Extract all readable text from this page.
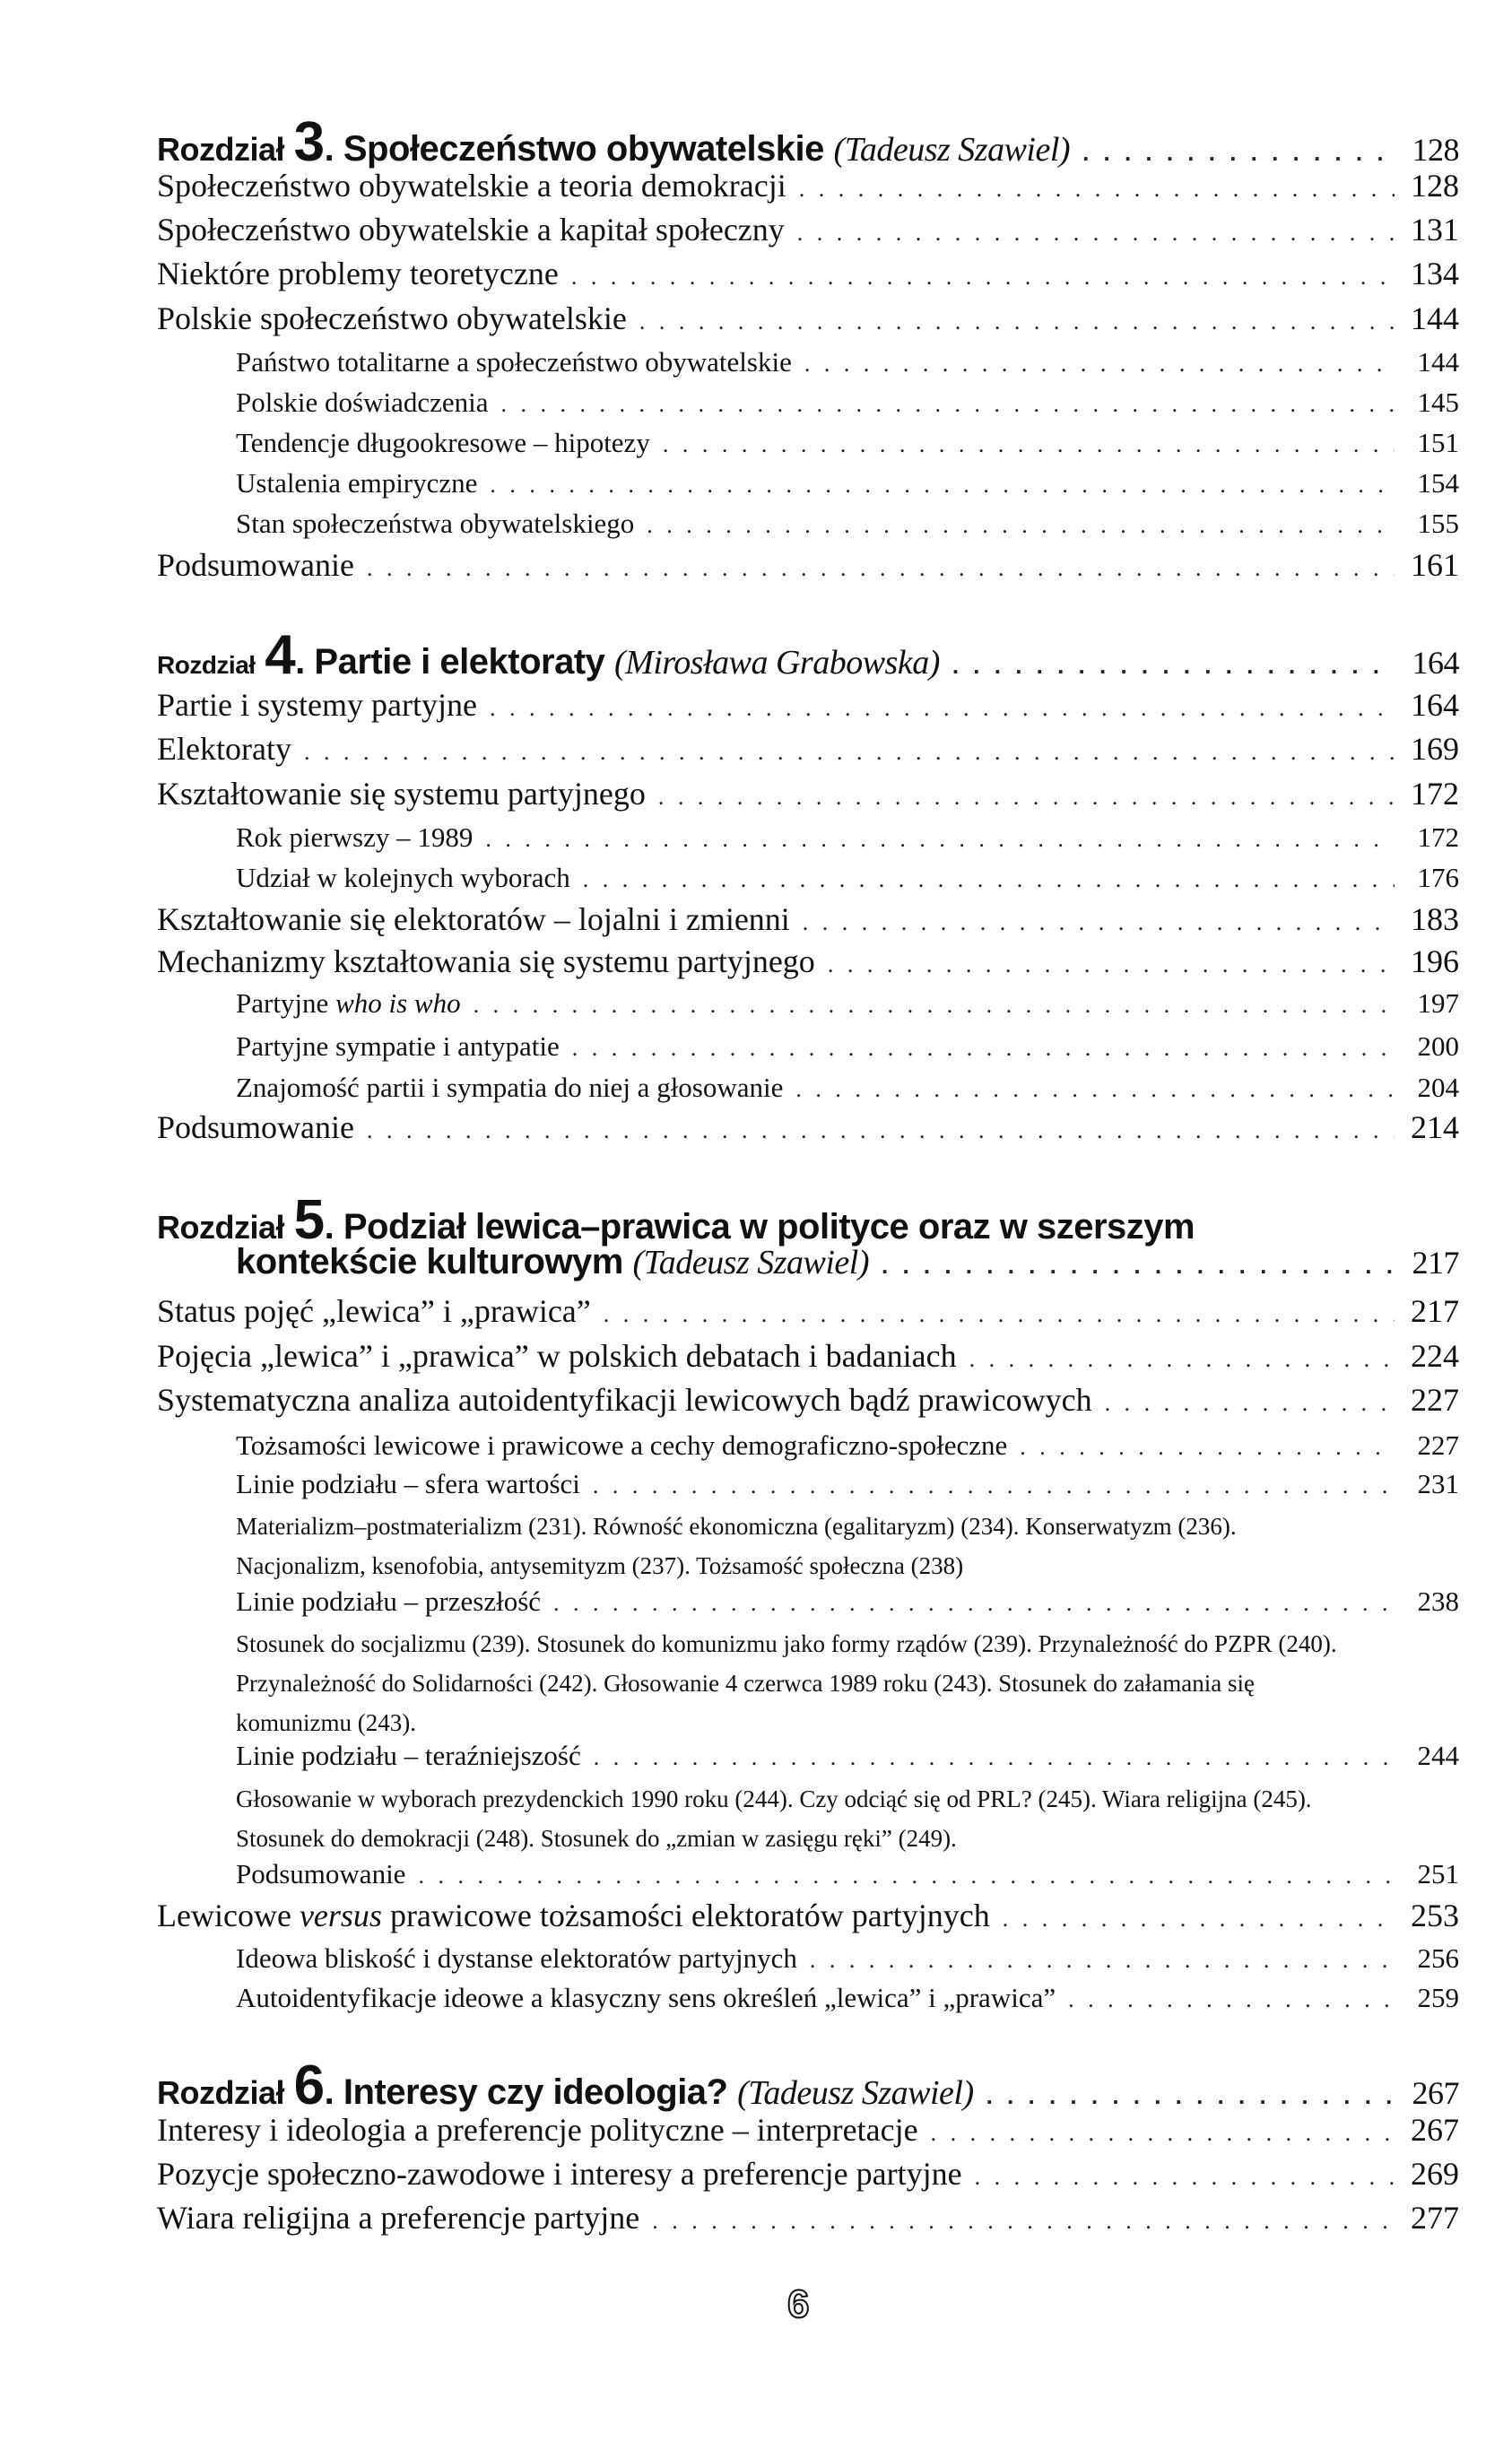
Rozdział 3. Społeczeństwo obywatelskie (Tadeusz Szawiel) . . .	128
Społeczeństwo obywatelskie a teoria demokracji . . .	128
Społeczeństwo obywatelskie a kapitał społeczny . . .	131
Niektóre problemy teoretyczne . . .	134
Polskie społeczeństwo obywatelskie . . .	144
Państwo totalitarne a społeczeństwo obywatelskie . . .	144
Polskie doświadczenia . . .	145
Tendencje długookresowe – hipotezy . . .	151
Ustalenia empiryczne . . .	154
Stan społeczeństwa obywatelskiego . . .	155
Podsumowanie . . .	161
Rozdział 4. Partie i elektoraty (Mirosława Grabowska) . . .	164
Partie i systemy partyjne . . .	164
Elektoraty . . .	169
Kształtowanie się systemu partyjnego . . .	172
Rok pierwszy – 1989 . . .	172
Udział w kolejnych wyborach . . .	176
Kształtowanie się elektoratów – lojalni i zmienni . . .	183
Mechanizmy kształtowania się systemu partyjnego . . .	196
Partyjne who is who . . .	197
Partyjne sympatie i antypatie . . .	200
Znajomość partii i sympatia do niej a głosowanie . . .	204
Podsumowanie . . .	214
Rozdział 5. Podział lewica–prawica w polityce oraz w szerszym
kontekście kulturowym (Tadeusz Szawiel) . . .	217
Status pojęć „lewica” i „prawica” . . .	217
Pojęcia „lewica” i „prawica” w polskich debatach i badaniach . . .	224
Systematyczna analiza autoidentyfikacji lewicowych bądź prawicowych . . .	227
Tożsamości lewicowe i prawicowe a cechy demograficzno-społeczne . . .	227
Linie podziału – sfera wartości . . .	231
Materializm–postmaterializm (231). Równość ekonomiczna (egalitaryzm) (234). Konserwatyzm (236). Nacjonalizm, ksenofobia, antysemityzm (237). Tożsamość społeczna (238)
Linie podziału – przeszłość . . .	238
Stosunek do socjalizmu (239). Stosunek do komunizmu jako formy rządów (239). Przynależność do PZPR (240). Przynależność do Solidarności (242). Głosowanie 4 czerwca 1989 roku (243). Stosunek do załamania się komunizmu (243).
Linie podziału – teraźniejszość . . .	244
Głosowanie w wyborach prezydenckich 1990 roku (244). Czy odciąć się od PRL? (245). Wiara religijna (245). Stosunek do demokracji (248). Stosunek do „zmian w zasięgu ręki” (249).
Podsumowanie . . .	251
Lewicowe versus prawicowe tożsamości elektoratów partyjnych . . .	253
Ideowa bliskość i dystanse elektoratów partyjnych . . .	256
Autoidentyfikacje ideowe a klasyczny sens określeń „lewica” i „prawica” . . .	259
Rozdział 6. Interesy czy ideologia? (Tadeusz Szawiel) . . .	267
Interesy i ideologia a preferencje polityczne – interpretacje . . .	267
Pozycje społeczno-zawodowe i interesy a preferencje partyjne . . .	269
Wiara religijna a preferencje partyjne . . .	277
6
